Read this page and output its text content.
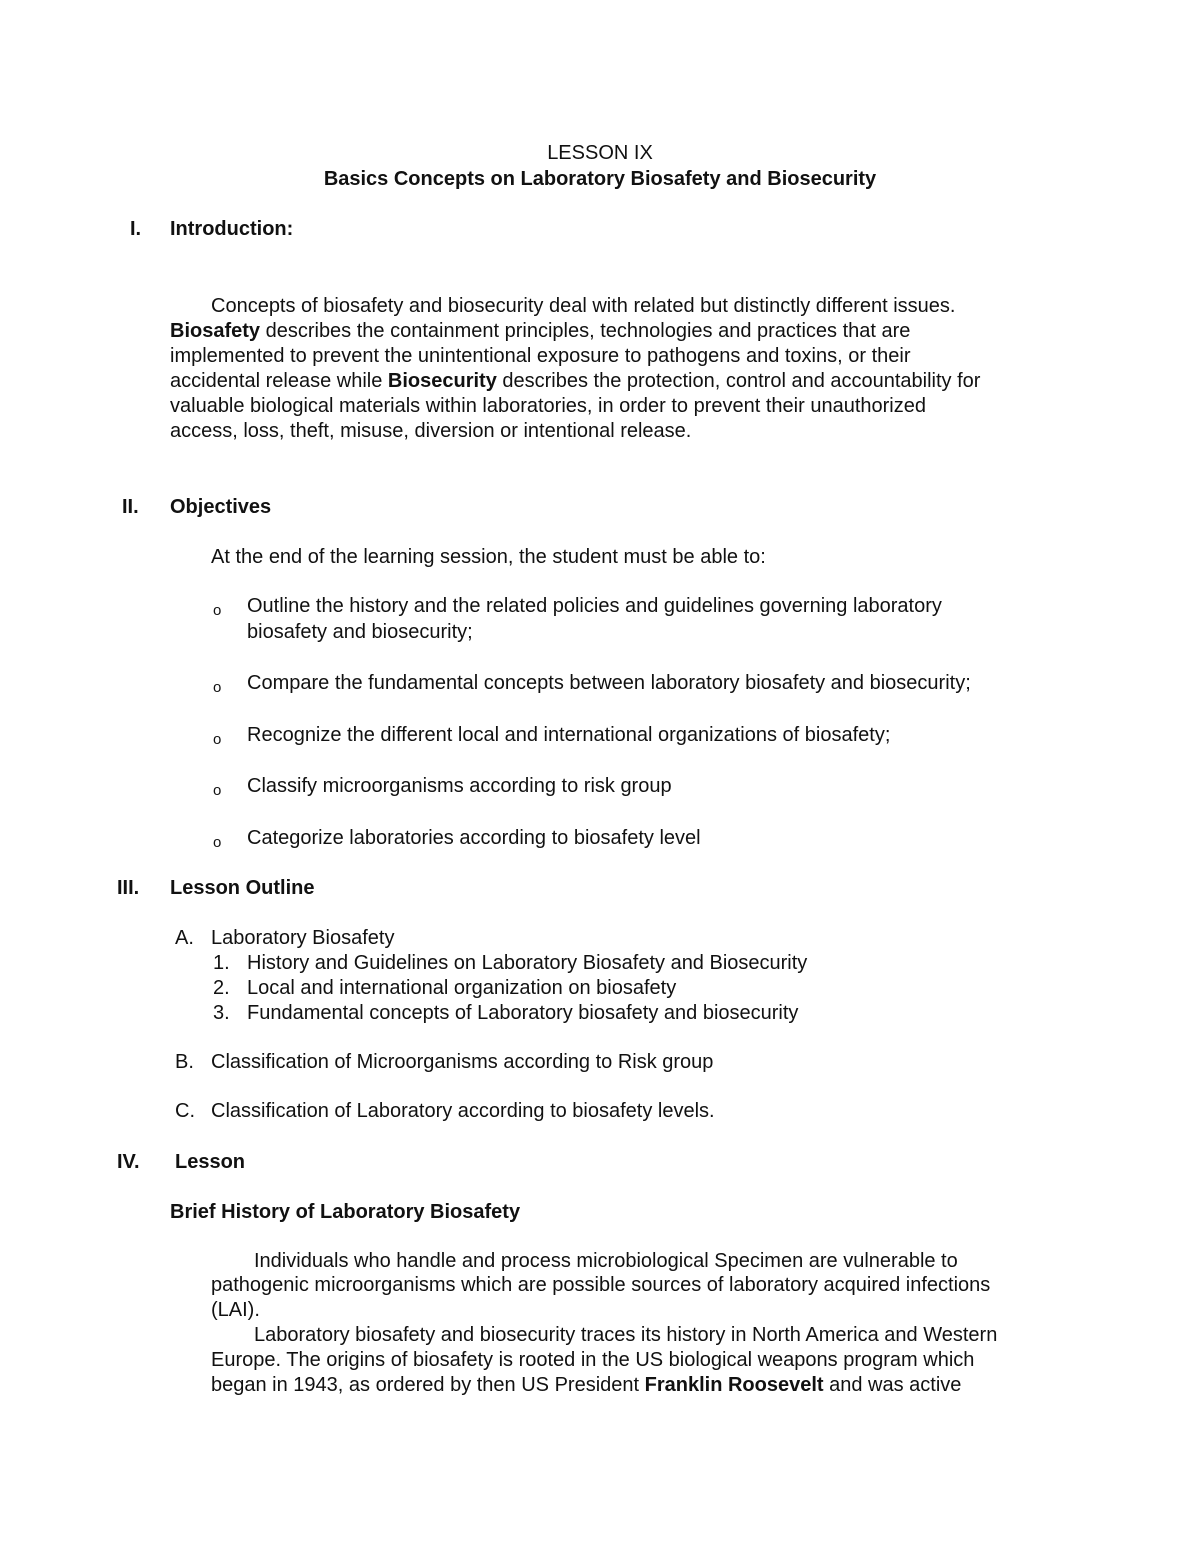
LESSON IX

Basics Concepts on Laboratory Biosafety and Biosecurity

I. Introduction:

Concepts of biosafety and biosecurity deal with related but distinctly different issues.

Biosafety describes the containment principles, technologies and practices that are

implemented to prevent the unintentional exposure to pathogens and toxins, or their

accidental release while Biosecurity describes the protection, control and accountability for

valuable biological materials within laboratories, in order to prevent their unauthorized

access, loss, theft, misuse, diversion or intentional release.

II. Objectives

At the end of the learning session, the student must be able to:

o Outline the history and the related policies and guidelines governing laboratory

biosafety and biosecurity;

o Compare the fundamental concepts between laboratory biosafety and biosecurity;

o Recognize the different local and international organizations of biosafety;

o Classify microorganisms according to risk group

o Categorize laboratories according to biosafety level

III. Lesson Outline
A. Laboratory Biosafety
1. History and Guidelines on Laboratory Biosafety and Biosecurity
2. Local and international organization on biosafety
3. Fundamental concepts of Laboratory biosafety and biosecurity
B. Classification of Microorganisms according to Risk group
C. Classification of Laboratory according to biosafety levels.
IV. Lesson

Brief History of Laboratory Biosafety

Individuals who handle and process microbiological Specimen are vulnerable to

pathogenic microorganisms which are possible sources of laboratory acquired infections

(LAI).

Laboratory biosafety and biosecurity traces its history in North America and Western

Europe. The origins of biosafety is rooted in the US biological weapons program which

began in 1943, as ordered by then US President Franklin Roosevelt and was active
